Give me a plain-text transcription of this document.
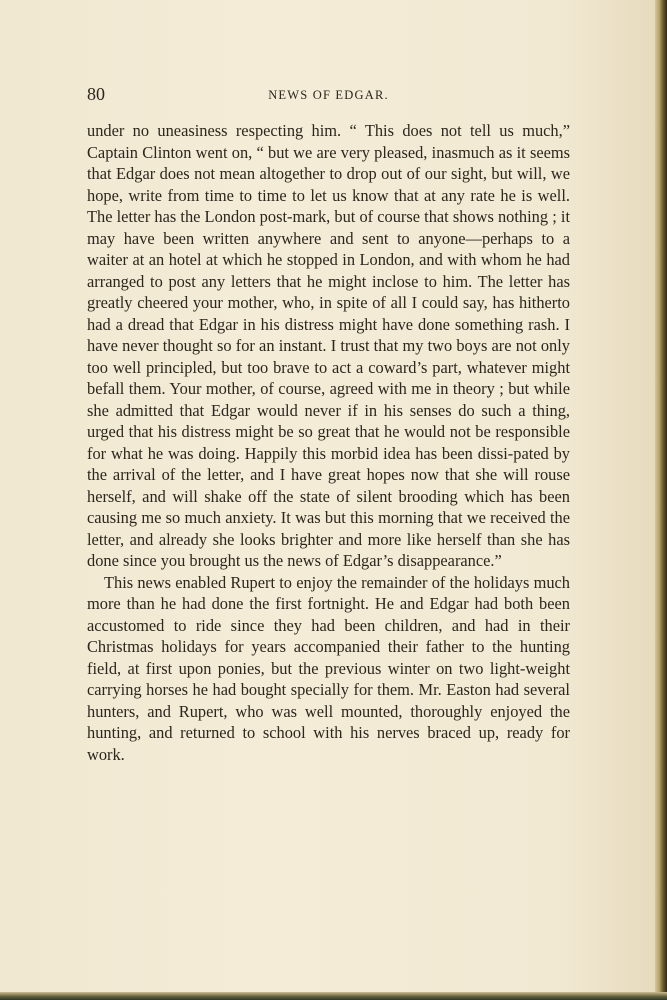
80	NEWS OF EDGAR.

under no uneasiness respecting him. “ This does not tell us much,” Captain Clinton went on, “ but we are very pleased, inasmuch as it seems that Edgar does not mean altogether to drop out of our sight, but will, we hope, write from time to time to let us know that at any rate he is well. The letter has the London post-mark, but of course that shows nothing ; it may have been written anywhere and sent to anyone—perhaps to a waiter at an hotel at which he stopped in London, and with whom he had arranged to post any letters that he might inclose to him. The letter has greatly cheered your mother, who, in spite of all I could say, has hitherto had a dread that Edgar in his distress might have done something rash. I have never thought so for an instant. I trust that my two boys are not only too well principled, but too brave to act a coward’s part, whatever might befall them. Your mother, of course, agreed with me in theory ; but while she admitted that Edgar would never if in his senses do such a thing, urged that his distress might be so great that he would not be responsible for what he was doing. Happily this morbid idea has been dissi-pated by the arrival of the letter, and I have great hopes now that she will rouse herself, and will shake off the state of silent brooding which has been causing me so much anxiety. It was but this morning that we received the letter, and already she looks brighter and more like herself than she has done since you brought us the news of Edgar’s disappearance.”

This news enabled Rupert to enjoy the remainder of the holidays much more than he had done the first fortnight. He and Edgar had both been accustomed to ride since they had been children, and had in their Christmas holidays for years accompanied their father to the hunting field, at first upon ponies, but the previous winter on two light-weight carrying horses he had bought specially for them. Mr. Easton had several hunters, and Rupert, who was well mounted, thoroughly enjoyed the hunting, and returned to school with his nerves braced up, ready for work.
